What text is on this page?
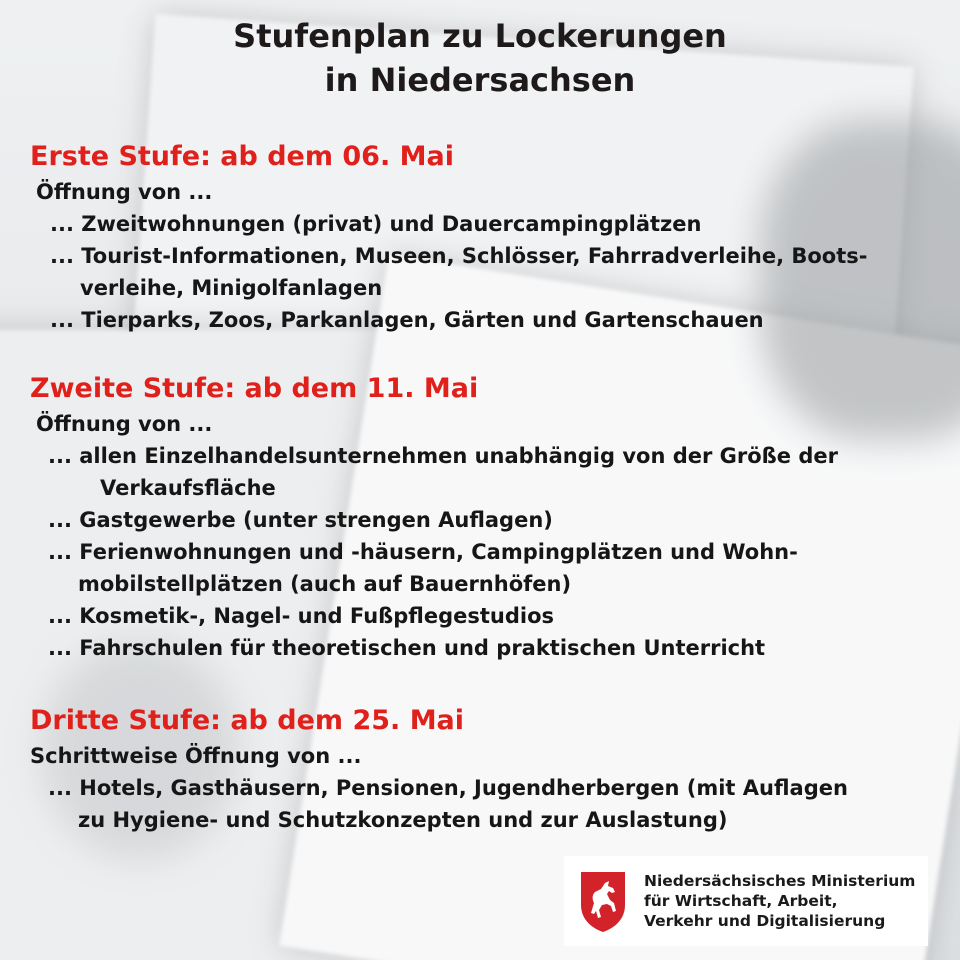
Stufenplan zu Lockerungen
in Niedersachsen
Erste Stufe: ab dem 06. Mai
Öffnung von ...
... Zweitwohnungen (privat) und Dauercampingplätzen
... Tourist-Informationen, Museen, Schlösser, Fahrradverleihe, Boots-
verleihe, Minigolfanlagen
... Tierparks, Zoos, Parkanlagen, Gärten und Gartenschauen
Zweite Stufe: ab dem 11. Mai
Öffnung von ...
... allen Einzelhandelsunternehmen unabhängig von der Größe der
Verkaufsfläche
... Gastgewerbe (unter strengen Auflagen)
... Ferienwohnungen und -häusern, Campingplätzen und Wohn-
mobilstellplätzen (auch auf Bauernhöfen)
... Kosmetik-, Nagel- und Fußpflegestudios
... Fahrschulen für theoretischen und praktischen Unterricht
Dritte Stufe: ab dem 25. Mai
Schrittweise Öffnung von ...
... Hotels, Gasthäusern, Pensionen, Jugendherbergen (mit Auflagen
zu Hygiene- und Schutzkonzepten und zur Auslastung)
Niedersächsisches Ministerium
für Wirtschaft, Arbeit,
Verkehr und Digitalisierung
